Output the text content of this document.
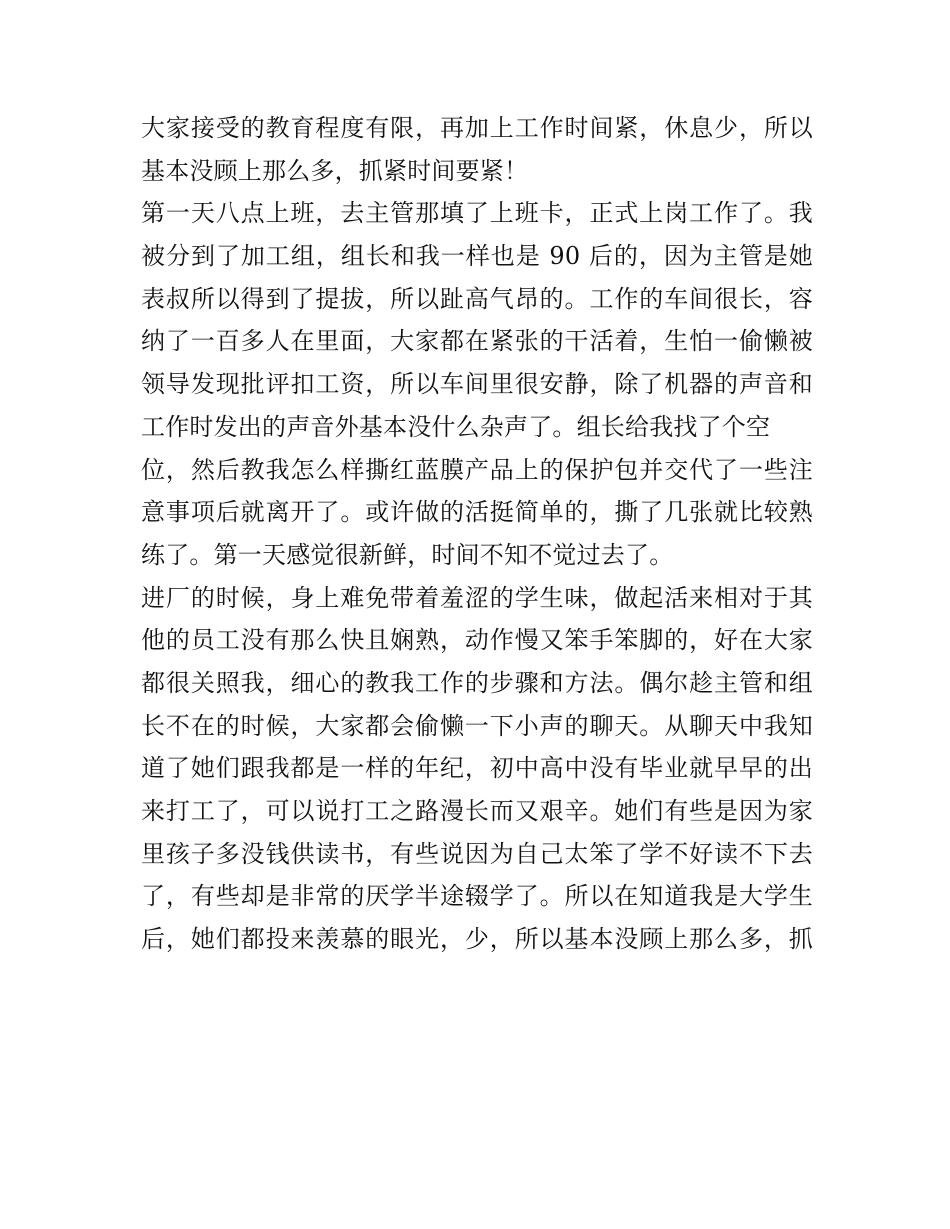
大家接受的教育程度有限，再加上工作时间紧，休息少，所以
基本没顾上那么多，抓紧时间要紧！
第一天八点上班，去主管那填了上班卡，正式上岗工作了。我
被分到了加工组，组长和我一样也是 90 后的，因为主管是她
表叔所以得到了提拔，所以趾高气昂的。工作的车间很长，容
纳了一百多人在里面，大家都在紧张的干活着，生怕一偷懒被
领导发现批评扣工资，所以车间里很安静，除了机器的声音和
工作时发出的声音外基本没什么杂声了。组长给我找了个空
位，然后教我怎么样撕红蓝膜产品上的保护包并交代了一些注
意事项后就离开了。或许做的活挺简单的，撕了几张就比较熟
练了。第一天感觉很新鲜，时间不知不觉过去了。
进厂的时候，身上难免带着羞涩的学生味，做起活来相对于其
他的员工没有那么快且娴熟，动作慢又笨手笨脚的，好在大家
都很关照我，细心的教我工作的步骤和方法。偶尔趁主管和组
长不在的时候，大家都会偷懒一下小声的聊天。从聊天中我知
道了她们跟我都是一样的年纪，初中高中没有毕业就早早的出
来打工了，可以说打工之路漫长而又艰辛。她们有些是因为家
里孩子多没钱供读书，有些说因为自己太笨了学不好读不下去
了，有些却是非常的厌学半途辍学了。所以在知道我是大学生
后，她们都投来羡慕的眼光，少，所以基本没顾上那么多，抓
